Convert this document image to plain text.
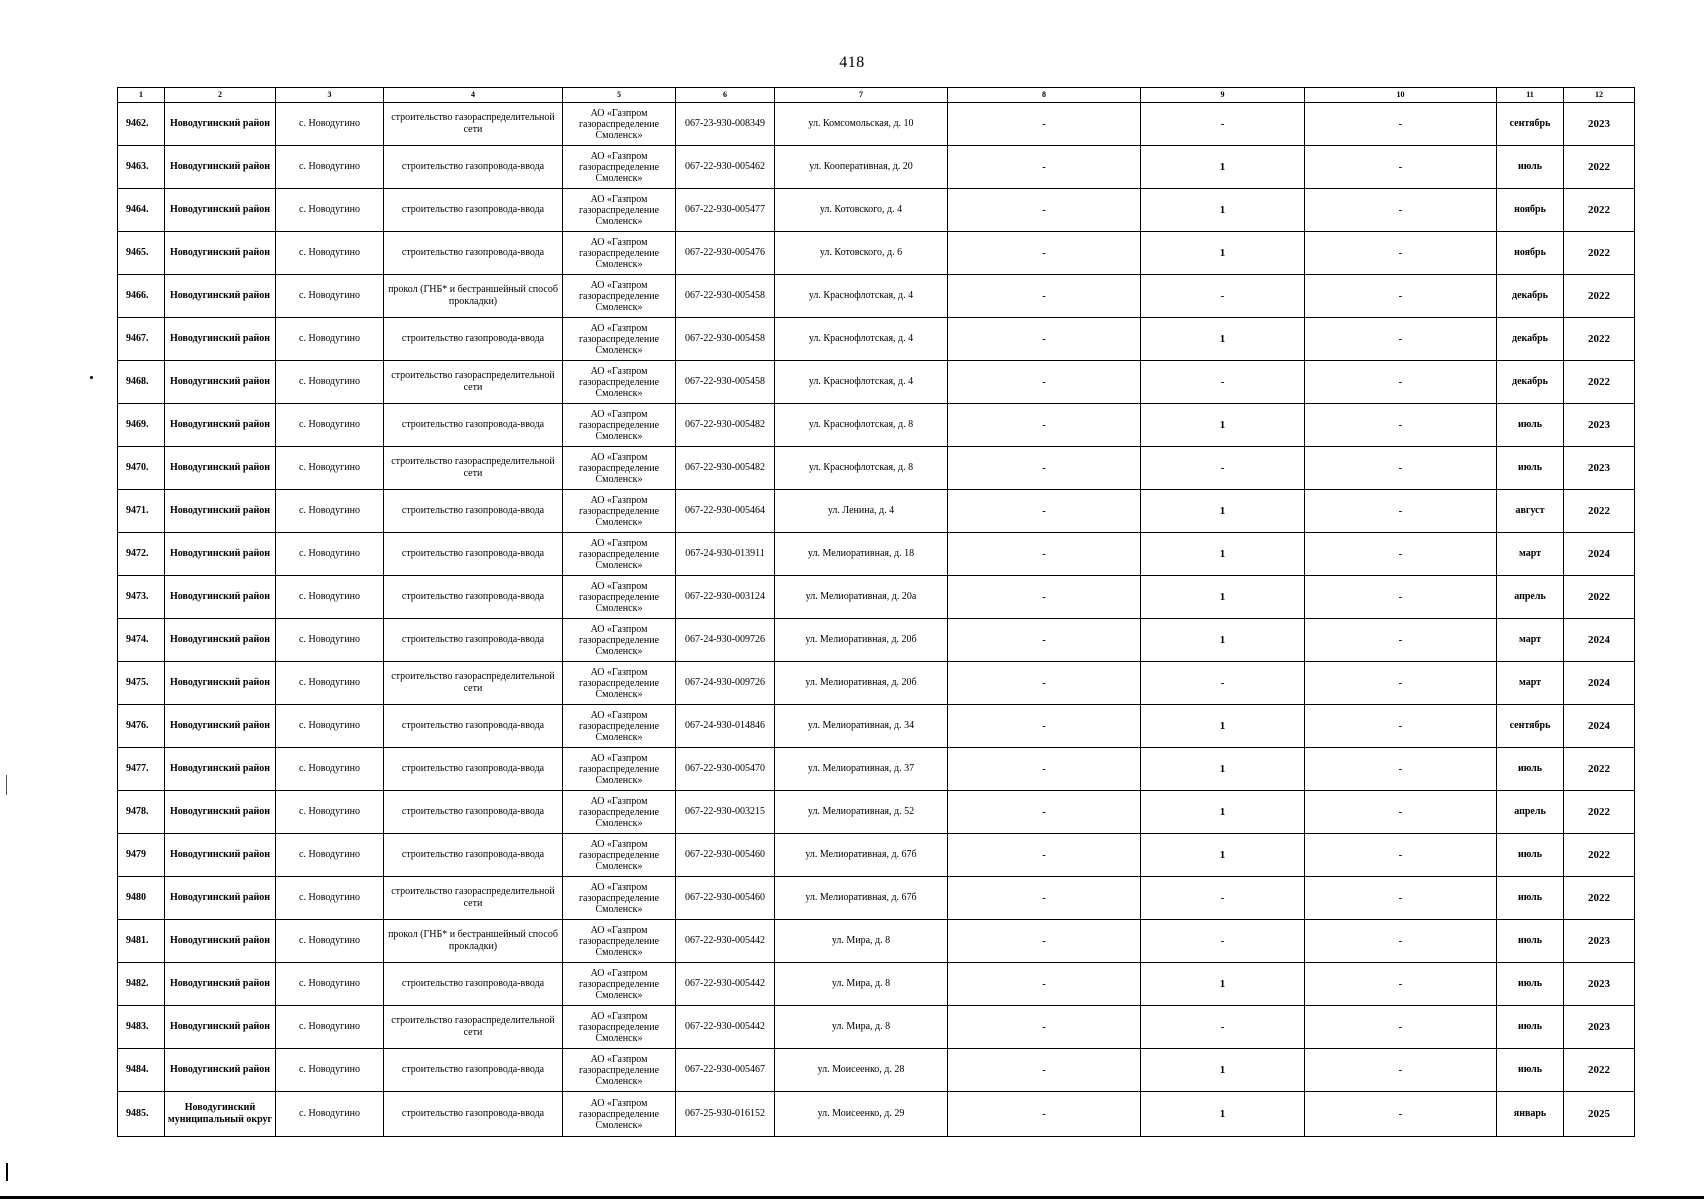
418
1	2	3	4	5	6	7	8	9	10	11	12
9462.	Новодугинский район	с. Новодугино	строительство газораспределительной сети	АО «Газпром газораспределение Смоленск»	067-23-930-008349	ул. Комсомольская, д. 10	-	-	-	сентябрь	2023
9463.	Новодугинский район	с. Новодугино	строительство газопровода-ввода	АО «Газпром газораспределение Смоленск»	067-22-930-005462	ул. Кооперативная, д. 20	-	1	-	июль	2022
9464.	Новодугинский район	с. Новодугино	строительство газопровода-ввода	АО «Газпром газораспределение Смоленск»	067-22-930-005477	ул. Котовского, д. 4	-	1	-	ноябрь	2022
9465.	Новодугинский район	с. Новодугино	строительство газопровода-ввода	АО «Газпром газораспределение Смоленск»	067-22-930-005476	ул. Котовского, д. 6	-	1	-	ноябрь	2022
9466.	Новодугинский район	с. Новодугино	прокол (ГНБ* и бестраншейный способ прокладки)	АО «Газпром газораспределение Смоленск»	067-22-930-005458	ул. Краснофлотская, д. 4	-	-	-	декабрь	2022
9467.	Новодугинский район	с. Новодугино	строительство газопровода-ввода	АО «Газпром газораспределение Смоленск»	067-22-930-005458	ул. Краснофлотская, д. 4	-	1	-	декабрь	2022
9468.	Новодугинский район	с. Новодугино	строительство газораспределительной сети	АО «Газпром газораспределение Смоленск»	067-22-930-005458	ул. Краснофлотская, д. 4	-	-	-	декабрь	2022
9469.	Новодугинский район	с. Новодугино	строительство газопровода-ввода	АО «Газпром газораспределение Смоленск»	067-22-930-005482	ул. Краснофлотская, д. 8	-	1	-	июль	2023
9470.	Новодугинский район	с. Новодугино	строительство газораспределительной сети	АО «Газпром газораспределение Смоленск»	067-22-930-005482	ул. Краснофлотская, д. 8	-	-	-	июль	2023
9471.	Новодугинский район	с. Новодугино	строительство газопровода-ввода	АО «Газпром газораспределение Смоленск»	067-22-930-005464	ул. Ленина, д. 4	-	1	-	август	2022
9472.	Новодугинский район	с. Новодугино	строительство газопровода-ввода	АО «Газпром газораспределение Смоленск»	067-24-930-013911	ул. Мелиоративная, д. 18	-	1	-	март	2024
9473.	Новодугинский район	с. Новодугино	строительство газопровода-ввода	АО «Газпром газораспределение Смоленск»	067-22-930-003124	ул. Мелиоративная, д. 20а	-	1	-	апрель	2022
9474.	Новодугинский район	с. Новодугино	строительство газопровода-ввода	АО «Газпром газораспределение Смоленск»	067-24-930-009726	ул. Мелиоративная, д. 20б	-	1	-	март	2024
9475.	Новодугинский район	с. Новодугино	строительство газораспределительной сети	АО «Газпром газораспределение Смоленск»	067-24-930-009726	ул. Мелиоративная, д. 20б	-	-	-	март	2024
9476.	Новодугинский район	с. Новодугино	строительство газопровода-ввода	АО «Газпром газораспределение Смоленск»	067-24-930-014846	ул. Мелиоративная, д. 34	-	1	-	сентябрь	2024
9477.	Новодугинский район	с. Новодугино	строительство газопровода-ввода	АО «Газпром газораспределение Смоленск»	067-22-930-005470	ул. Мелиоративная, д. 37	-	1	-	июль	2022
9478.	Новодугинский район	с. Новодугино	строительство газопровода-ввода	АО «Газпром газораспределение Смоленск»	067-22-930-003215	ул. Мелиоративная, д. 52	-	1	-	апрель	2022
9479	Новодугинский район	с. Новодугино	строительство газопровода-ввода	АО «Газпром газораспределение Смоленск»	067-22-930-005460	ул. Мелиоративная, д. 67б	-	1	-	июль	2022
9480	Новодугинский район	с. Новодугино	строительство газораспределительной сети	АО «Газпром газораспределение Смоленск»	067-22-930-005460	ул. Мелиоративная, д. 67б	-	-	-	июль	2022
9481.	Новодугинский район	с. Новодугино	прокол (ГНБ* и бестраншейный способ прокладки)	АО «Газпром газораспределение Смоленск»	067-22-930-005442	ул. Мира, д. 8	-	-	-	июль	2023
9482.	Новодугинский район	с. Новодугино	строительство газопровода-ввода	АО «Газпром газораспределение Смоленск»	067-22-930-005442	ул. Мира, д. 8	-	1	-	июль	2023
9483.	Новодугинский район	с. Новодугино	строительство газораспределительной сети	АО «Газпром газораспределение Смоленск»	067-22-930-005442	ул. Мира, д. 8	-	-	-	июль	2023
9484.	Новодугинский район	с. Новодугино	строительство газопровода-ввода	АО «Газпром газораспределение Смоленск»	067-22-930-005467	ул. Моисеенко, д. 28	-	1	-	июль	2022
9485.	Новодугинский муниципальный округ	с. Новодугино	строительство газопровода-ввода	АО «Газпром газораспределение Смоленск»	067-25-930-016152	ул. Моисеенко, д. 29	-	1	-	январь	2025
